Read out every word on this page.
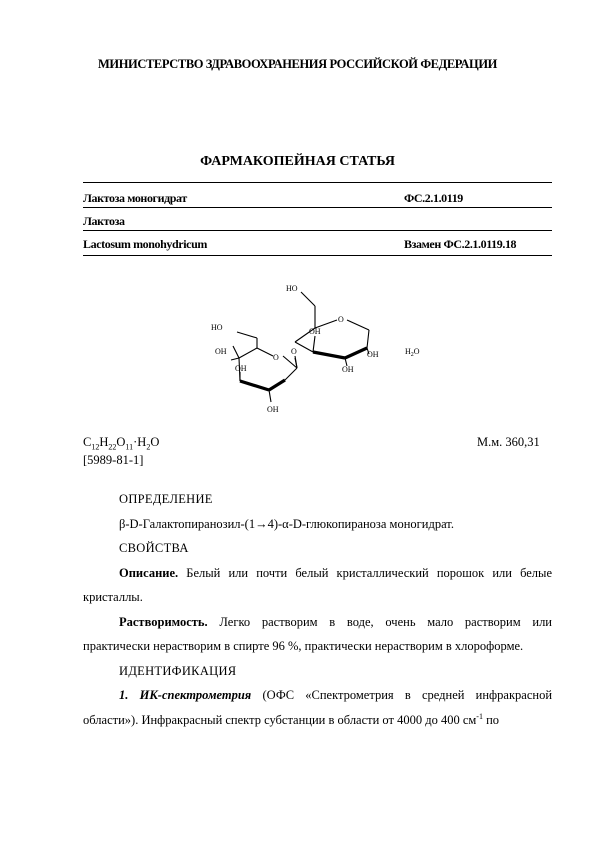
МИНИСТЕРСТВО ЗДРАВООХРАНЕНИЯ РОССИЙСКОЙ ФЕДЕРАЦИИ
ФАРМАКОПЕЙНАЯ СТАТЬЯ
Лактоза моногидрат	ФС.2.1.0119
Лактоза
Lactosum monohydricum	Взамен ФС.2.1.0119.18
HO
HO
OH
OH
OH
O
O
OH
OH
OH
O
$H_2O$
$C_{12}H_{22}O_{11}\cdot H_2O$
[5989-81-1]
М.м. 360,31

ОПРЕДЕЛЕНИЕ

β-D-Галактопиранозил-(1→4)-α-D-глюкопираноза моногидрат.

СВОЙСТВА

Описание. Белый или почти белый кристаллический порошок или белые кристаллы.

Растворимость. Легко растворим в воде, очень мало растворим или практически нерастворим в спирте 96 %, практически нерастворим в хлороформе.

ИДЕНТИФИКАЦИЯ

1. ИК-спектрометрия (ОФС «Спектрометрия в средней инфракрасной области»). Инфракрасный спектр субстанции в области от 4000 до 400 $см^{-1}$ по
